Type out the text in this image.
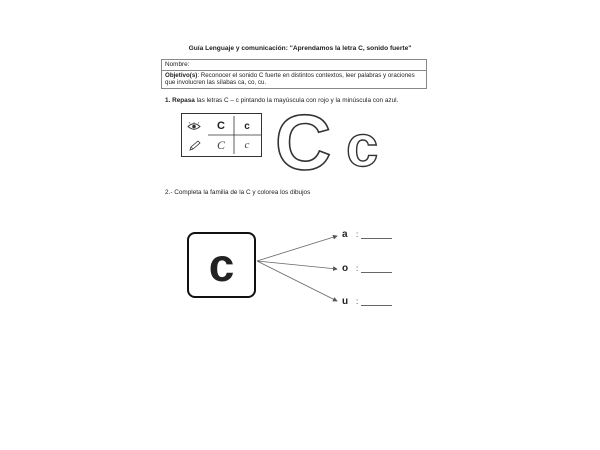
Guía Lenguaje y comunicación: "Aprendamos la letra C, sonido fuerte"
Nombre:
Objetivo(s): Reconocer el sonido C fuerte en distintos contextos, leer palabras y oraciones que involucren las sílabas ca, co, cu.
1. Repasa las letras C – c pintando la mayúscula con rojo y la minúscula con azul.
C	c
C	c C c
2.- Completa la familia de la C y colorea los dibujos
c
a :
o :
u :
